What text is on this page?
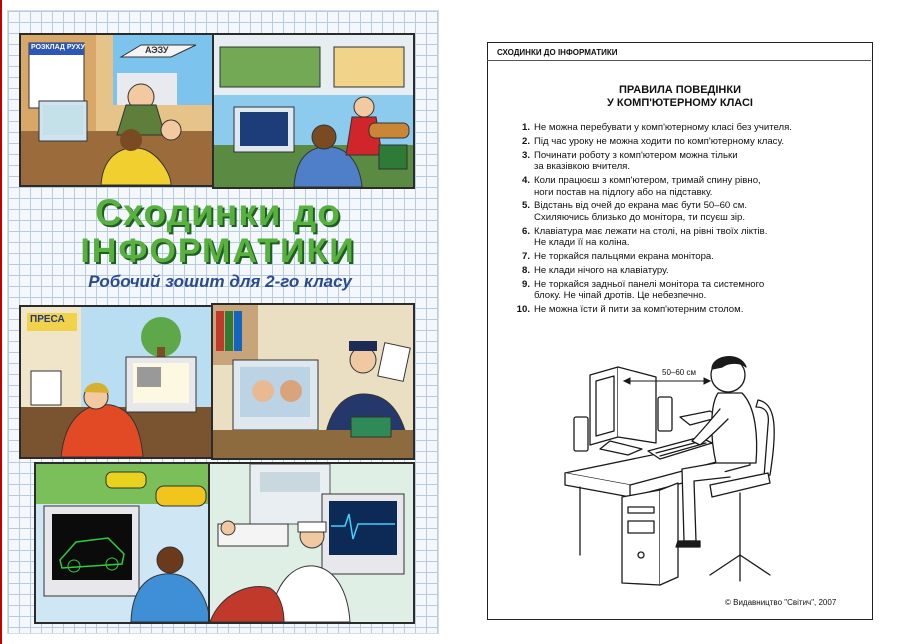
РОЗКЛАД РУХУ	АЭЗУ
Сходинки до
ІНФОРМАТИКИ
Робочий зошит для 2-го класу
ПРЕСА
СХОДИНКИ ДО ІНФОРМАТИКИ
ПРАВИЛА ПОВЕДІНКИ
У КОМП'ЮТЕРНОМУ КЛАСІ
1. Не можна перебувати у комп'ютерному класі без учителя.
2. Під час уроку не можна ходити по комп'ютерному класу.
3. Починати роботу з комп'ютером можна тільки
за вказівкою вчителя.
4. Коли працюєш з комп'ютером, тримай спину рівно,
ноги постав на підлогу або на підставку.
5. Відстань від очей до екрана має бути 50–60 см.
Схиляючись близько до монітора, ти псуєш зір.
6. Клавіатура має лежати на столі, на рівні твоїх ліктів.
Не клади її на коліна.
7. Не торкайся пальцями екрана монітора.
8. Не клади нічого на клавіатуру.
9. Не торкайся задньої панелі монітора та системного
блоку. Не чіпай дротів. Це небезпечно.
10. Не можна їсти й пити за комп'ютерним столом.
50–60 см
© Видавництво "Світич", 2007
